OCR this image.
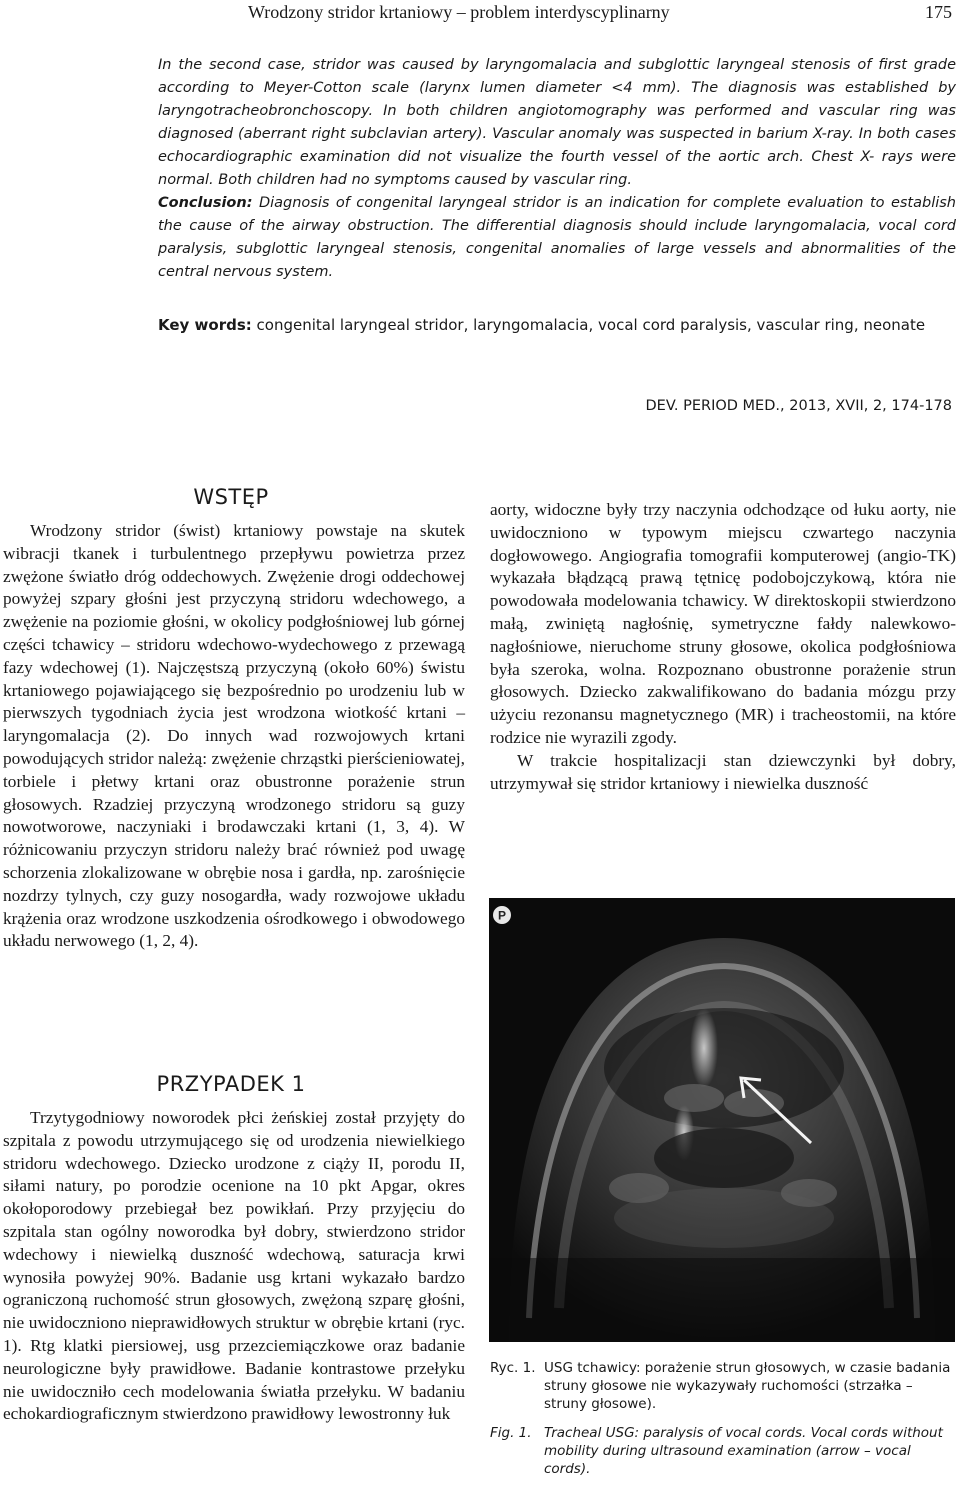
Wrodzony stridor krtaniowy – problem interdyscyplinarny	175

In the second case, stridor was caused by laryngomalacia and subglottic laryngeal stenosis of first grade according to Meyer-Cotton scale (larynx lumen diameter <4 mm). The diagnosis was established by laryngotracheobronchoscopy. In both children angiotomography was performed and vascular ring was diagnosed (aberrant right subclavian artery). Vascular anomaly was suspected in barium X-ray. In both cases echocardiographic examination did not visualize the fourth vessel of the aortic arch. Chest X- rays were normal. Both children had no symptoms caused by vascular ring.
Conclusion: Diagnosis of congenital laryngeal stridor is an indication for complete evaluation to establish the cause of the airway obstruction. The differential diagnosis should include laryngomalacia, vocal cord paralysis, subglottic laryngeal stenosis, congenital anomalies of large vessels and abnormalities of the central nervous system.

Key words: congenital laryngeal stridor, laryngomalacia, vocal cord paralysis, vascular ring, neonate
DEV. PERIOD MED., 2013, XVII, 2, 174-178
WSTĘP

Wrodzony stridor (świst) krtaniowy powstaje na skutek wibracji tkanek i turbulentnego przepływu powietrza przez zwężone światło dróg oddechowych. Zwężenie drogi oddechowej powyżej szpary głośni jest przyczyną stridoru wdechowego, a zwężenie na poziomie głośni, w okolicy podgłośniowej lub górnej części tchawicy – stridoru wdechowo-wydechowego z przewagą fazy wdechowej (1). Najczęstszą przyczyną (około 60%) świstu krtaniowego pojawiającego się bezpośrednio po urodzeniu lub w pierwszych tygodniach życia jest wrodzona wiotkość krtani – laryngomalacja (2). Do innych wad rozwojowych krtani powodujących stridor należą: zwężenie chrząstki pierścieniowatej, torbiele i płetwy krtani oraz obustronne porażenie strun głosowych. Rzadziej przyczyną wrodzonego stridoru są guzy nowotworowe, naczyniaki i brodawczaki krtani (1, 3, 4). W różnicowaniu przyczyn stridoru należy brać również pod uwagę schorzenia zlokalizowane w obrębie nosa i gardła, np. zarośnięcie nozdrzy tylnych, czy guzy nosogardła, wady rozwojowe układu krążenia oraz wrodzone uszkodzenia ośrodkowego i obwodowego układu nerwowego (1, 2, 4).

PRZYPADEK 1

Trzytygodniowy noworodek płci żeńskiej został przyjęty do szpitala z powodu utrzymującego się od urodzenia niewielkiego stridoru wdechowego. Dziecko urodzone z ciąży II, porodu II, siłami natury, po porodzie ocenione na 10 pkt Apgar, okres okołoporodowy przebiegał bez powikłań. Przy przyjęciu do szpitala stan ogólny noworodka był dobry, stwierdzono stridor wdechowy i niewielką duszność wdechową, saturacja krwi wynosiła powyżej 90%. Badanie usg krtani wykazało bardzo ograniczoną ruchomość strun głosowych, zwężoną szparę głośni, nie uwidoczniono nieprawidłowych struktur w obrębie krtani (ryc. 1). Rtg klatki piersiowej, usg przezciemiączkowe oraz badanie neurologiczne były prawidłowe. Badanie kontrastowe przełyku nie uwidoczniło cech modelowania światła przełyku. W badaniu echokardiograficznym stwierdzono prawidłowy lewostronny łuk

aorty, widoczne były trzy naczynia odchodzące od łuku aorty, nie uwidoczniono w typowym miejscu czwartego naczynia dogłowowego. Angiografia tomografii komputerowej (angio-TK) wykazała błądzącą prawą tętnicę podobojczykową, która nie powodowała modelowania tchawicy. W direktoskopii stwierdzono małą, zwiniętą nagłośnię, symetryczne fałdy nalewkowo-nagłośniowe, nieruchome struny głosowe, okolica podgłośniowa była szeroka, wolna. Rozpoznano obustronne porażenie strun głosowych. Dziecko zakwalifikowano do badania mózgu przy użyciu rezonansu magnetycznego (MR) i tracheostomii, na które rodzice nie wyrazili zgody.

W trakcie hospitalizacji stan dziewczynki był dobry, utrzymywał się stridor krtaniowy i niewielka duszność

P
Ryc. 1. USG tchawicy: porażenie strun głosowych, w czasie badania struny głosowe nie wykazywały ruchomości (strzałka – struny głosowe).
Fig. 1. Tracheal USG: paralysis of vocal cords. Vocal cords without mobility during ultrasound examination (arrow – vocal cords).
